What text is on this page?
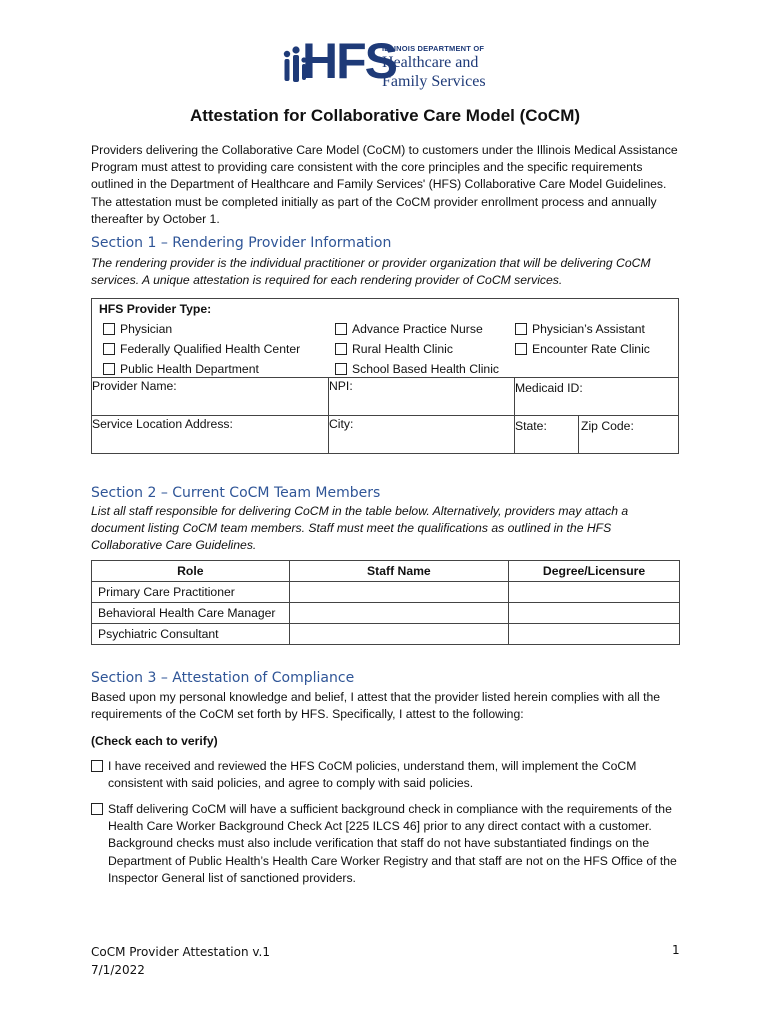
HFS
ILLINOIS DEPARTMENT OF
Healthcare and
Family Services
Attestation for Collaborative Care Model (CoCM)

Providers delivering the Collaborative Care Model (CoCM) to customers under the Illinois Medical Assistance Program must attest to providing care consistent with the core principles and the specific requirements outlined in the Department of Healthcare and Family Services' (HFS) Collaborative Care Model Guidelines. The attestation must be completed initially as part of the CoCM provider enrollment process and annually thereafter by October 1.

Section 1 – Rendering Provider Information

The rendering provider is the individual practitioner or provider organization that will be delivering CoCM services. A unique attestation is required for each rendering provider of CoCM services.

HFS Provider Type:
Physician
Federally Qualified Health Center
Public Health Department
Advance Practice Nurse
Rural Health Clinic
School Based Health Clinic
Physician’s Assistant
Encounter Rate Clinic
Provider Name:	NPI:	Medicaid ID:
Service Location Address:	City:	State:	Zip Code:
Section 2 – Current CoCM Team Members

List all staff responsible for delivering CoCM in the table below. Alternatively, providers may attach a document listing CoCM team members. Staff must meet the qualifications as outlined in the HFS Collaborative Care Guidelines.

Role	Staff Name	Degree/Licensure
Primary Care Practitioner		
Behavioral Health Care Manager		
Psychiatric Consultant		
Section 3 – Attestation of Compliance

Based upon my personal knowledge and belief, I attest that the provider listed herein complies with all the requirements of the CoCM set forth by HFS. Specifically, I attest to the following:

(Check each to verify)

I have received and reviewed the HFS CoCM policies, understand them, will implement the CoCM consistent with said policies, and agree to comply with said policies.
Staff delivering CoCM will have a sufficient background check in compliance with the requirements of the Health Care Worker Background Check Act [225 ILCS 46] prior to any direct contact with a customer. Background checks must also include verification that staff do not have substantiated findings on the Department of Public Health’s Health Care Worker Registry and that staff are not on the HFS Office of the Inspector General list of sanctioned providers.
CoCM Provider Attestation v.1
7/1/2022
1
